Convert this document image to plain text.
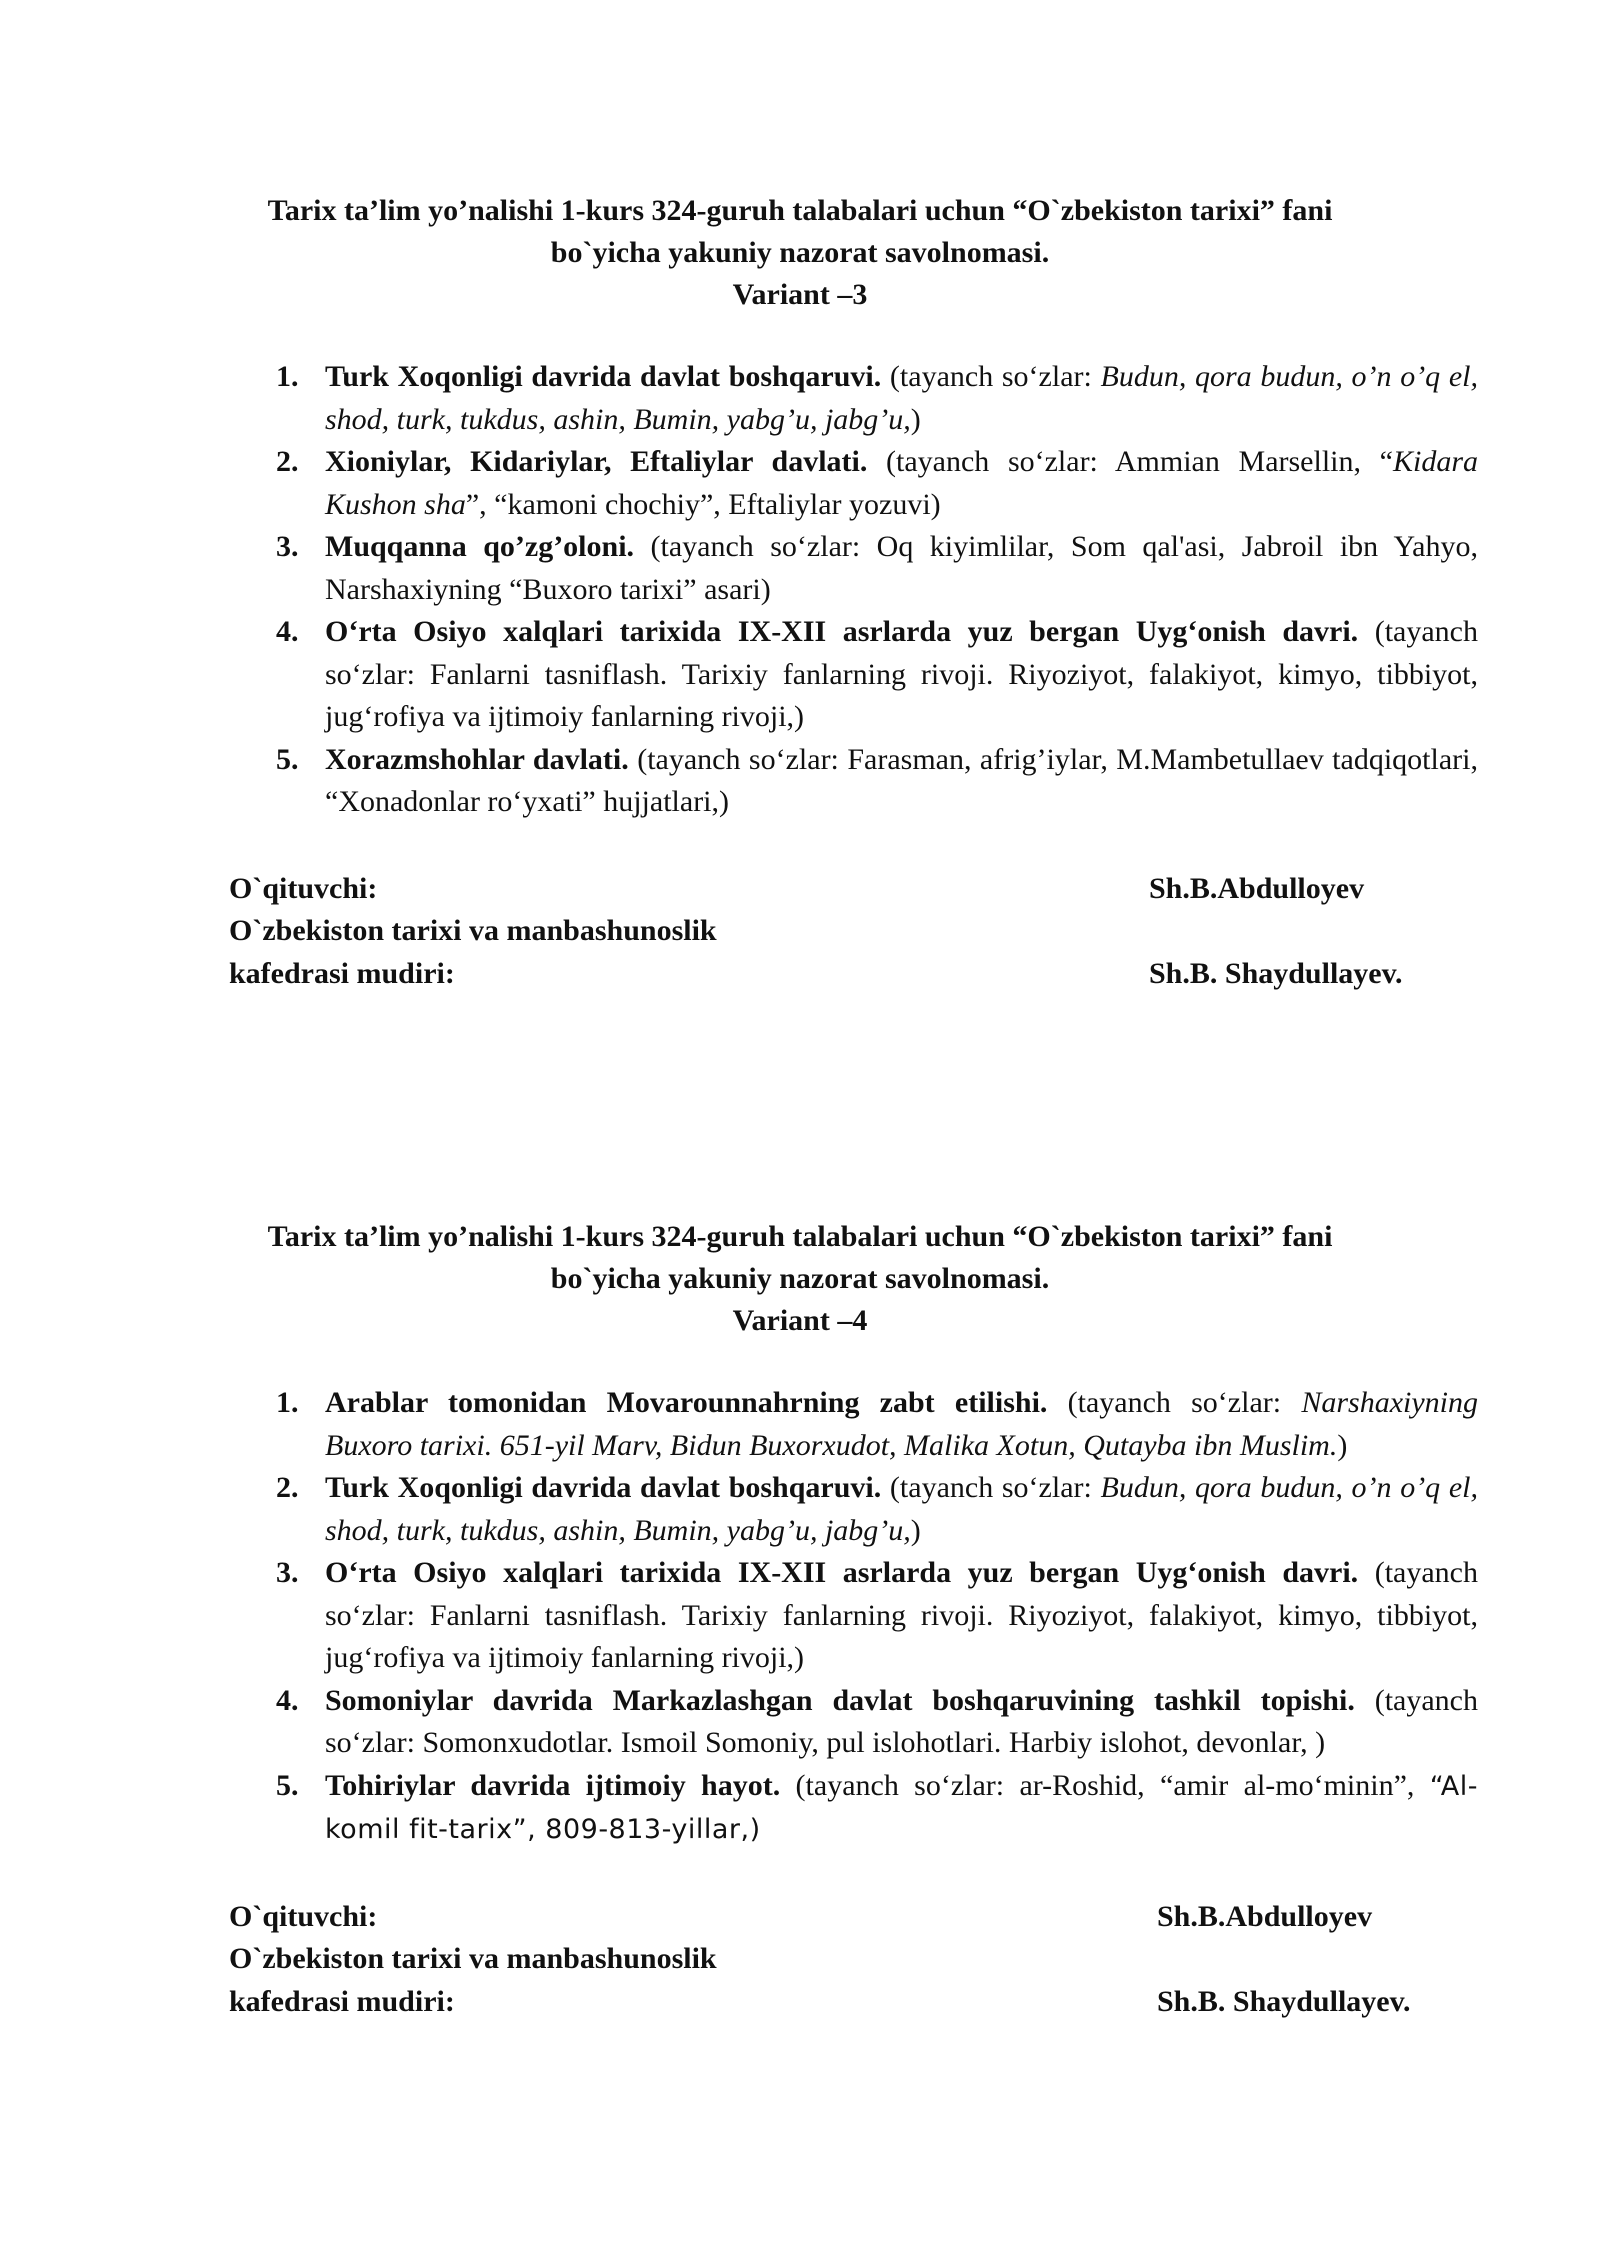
Tarix ta’lim yo’nalishi 1-kurs 324-guruh talabalari uchun “O`zbekiston tarixi” fani
bo`yicha yakuniy nazorat savolnomasi.
Variant –3
1. Turk Xoqonligi davrida davlat boshqaruvi. (tayanch so‘zlar: Budun, qora budun, o’n o’q el, shod, turk, tukdus, ashin, Bumin, yabg’u, jabg’u,)
2. Xioniylar, Kidariylar, Eftaliylar davlati. (tayanch so‘zlar: Ammian Marsellin, “Kidara Kushon sha”, “kamoni chochiy”, Eftaliylar yozuvi)
3. Muqqanna qo’zg’oloni. (tayanch so‘zlar: Oq kiyimlilar, Som qal'asi, Jabroil ibn Yahyo, Narshaxiyning “Buxoro tarixi” asari)
4. O‘rta Osiyo xalqlari tarixida IX-XII asrlarda yuz bergan Uyg‘onish davri. (tayanch so‘zlar: Fanlarni tasniflash. Tarixiy fanlarning rivoji. Riyoziyot, falakiyot, kimyo, tibbiyot, jug‘rofiya va ijtimoiy fanlarning rivoji,)
5. Xorazmshohlar davlati. (tayanch so‘zlar: Farasman, afrig’iylar, M.Mambetullaev tadqiqotlari, “Xonadonlar ro‘yxati” hujjatlari,)
O`qituvchi:	Sh.B.Abdulloyev
O`zbekiston tarixi va manbashunoslik
kafedrasi mudiri:	Sh.B. Shaydullayev.
Tarix ta’lim yo’nalishi 1-kurs 324-guruh talabalari uchun “O`zbekiston tarixi” fani
bo`yicha yakuniy nazorat savolnomasi.
Variant –4
1. Arablar tomonidan Movarounnahrning zabt etilishi. (tayanch so‘zlar: Narshaxiyning Buxoro tarixi. 651-yil Marv, Bidun Buxorxudot, Malika Xotun, Qutayba ibn Muslim.)
2. Turk Xoqonligi davrida davlat boshqaruvi. (tayanch so‘zlar: Budun, qora budun, o’n o’q el, shod, turk, tukdus, ashin, Bumin, yabg’u, jabg’u,)
3. O‘rta Osiyo xalqlari tarixida IX-XII asrlarda yuz bergan Uyg‘onish davri. (tayanch so‘zlar: Fanlarni tasniflash. Tarixiy fanlarning rivoji. Riyoziyot, falakiyot, kimyo, tibbiyot, jug‘rofiya va ijtimoiy fanlarning rivoji,)
4. Somoniylar davrida Markazlashgan davlat boshqaruvining tashkil topishi. (tayanch so‘zlar: Somonxudotlar. Ismoil Somoniy, pul islohotlari. Harbiy islohot, devonlar, )
5. Tohiriylar davrida ijtimoiy hayot. (tayanch so‘zlar: ar-Roshid, “amir al-mo‘minin”, “Al-komil fit-tarix”, 809-813-yillar,)
O`qituvchi:	Sh.B.Abdulloyev
O`zbekiston tarixi va manbashunoslik
kafedrasi mudiri:	Sh.B. Shaydullayev.
